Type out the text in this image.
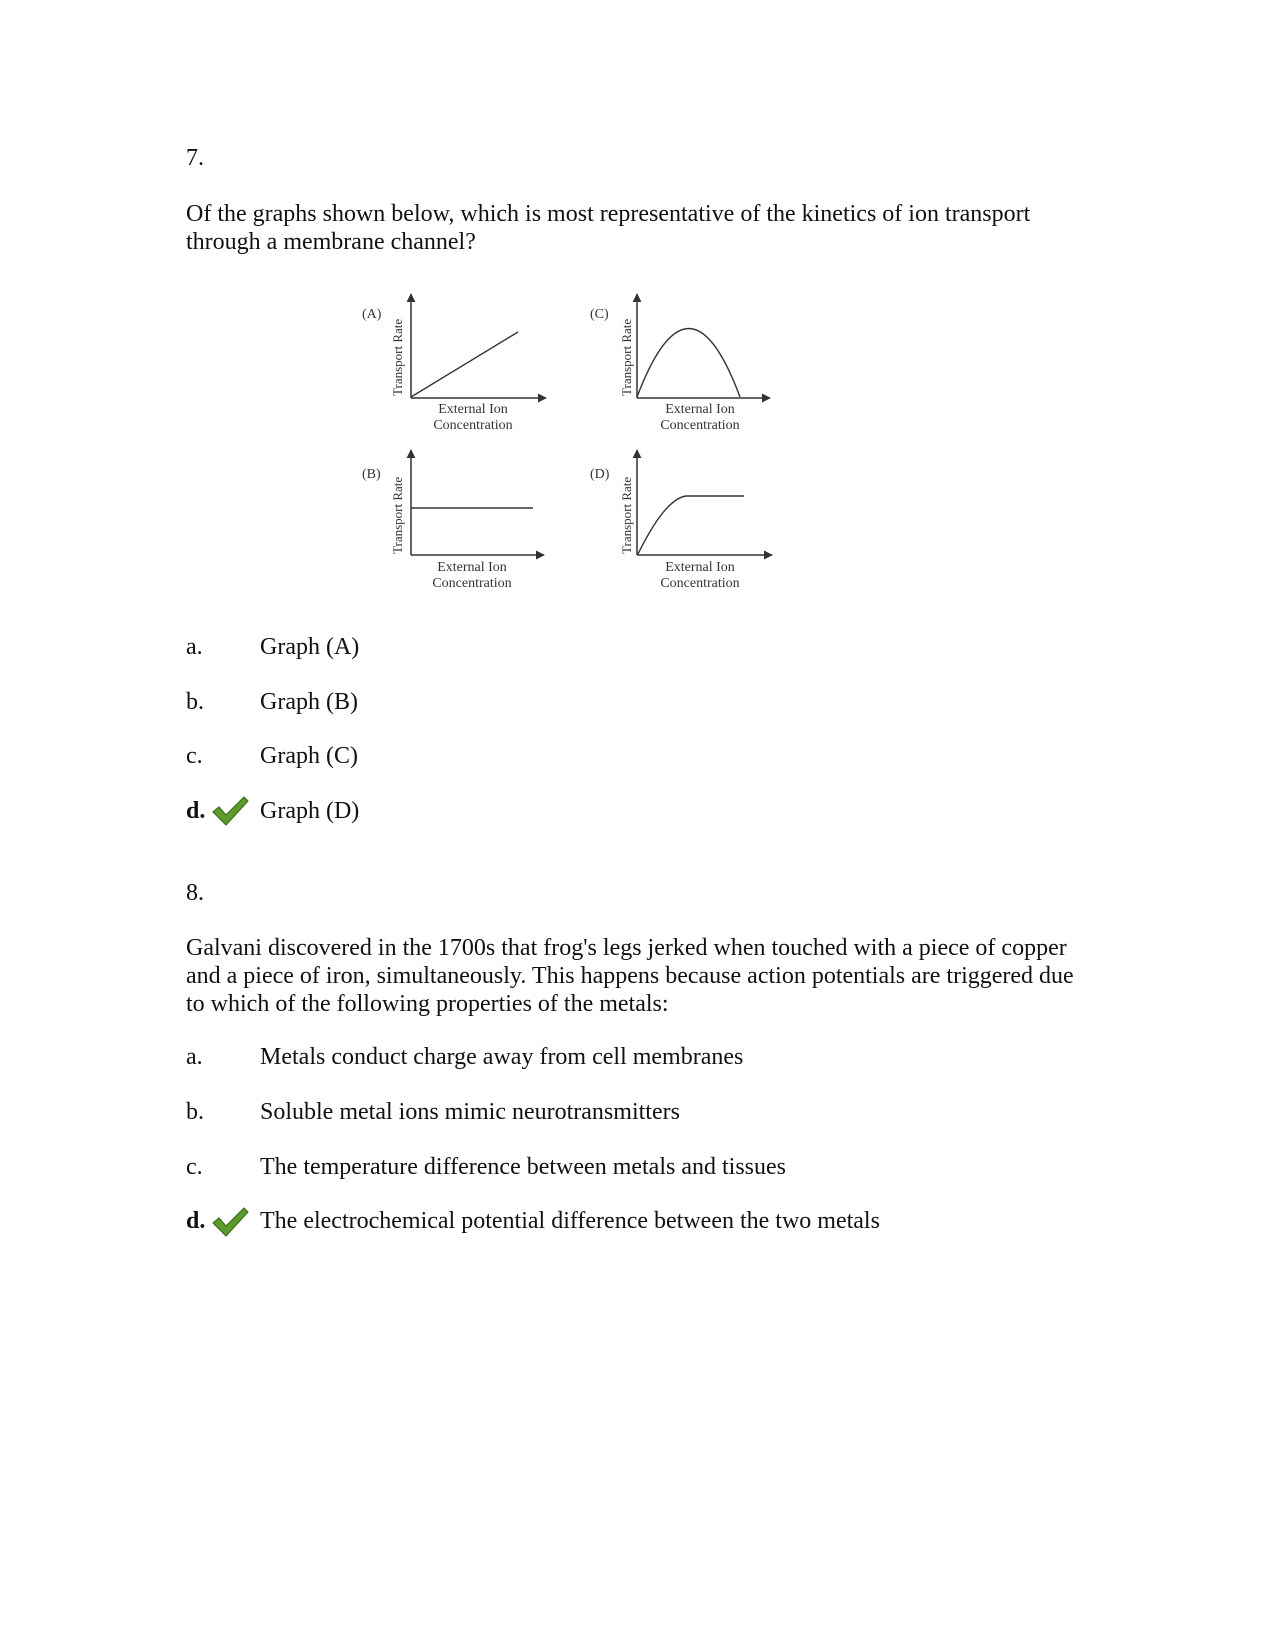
7.
Of the graphs shown below, which is most representative of the kinetics of ion transport through a membrane channel?
(A)
Transport Rate
External Ion
Concentration
(C)
Transport Rate
External Ion
Concentration
(B)
Transport Rate
External Ion
Concentration
(D)
Transport Rate
External Ion
Concentration
a. Graph (A)
b. Graph (B)
c. Graph (C)
d. Graph (D)
8.
Galvani discovered in the 1700s that frog's legs jerked when touched with a piece of copper and a piece of iron, simultaneously. This happens because action potentials are triggered due to which of the following properties of the metals:
a. Metals conduct charge away from cell membranes
b. Soluble metal ions mimic neurotransmitters
c. The temperature difference between metals and tissues
d. The electrochemical potential difference between the two metals
